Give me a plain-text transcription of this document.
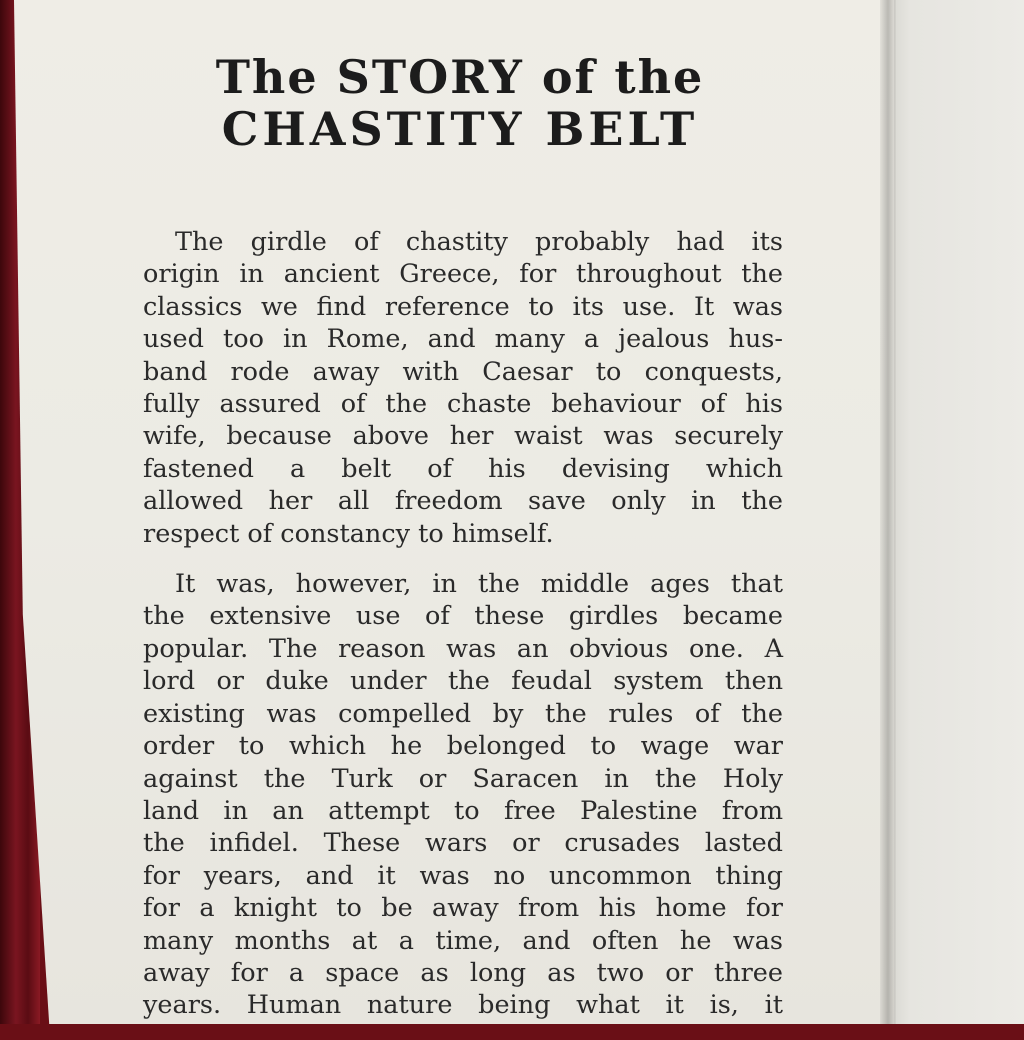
The STORY of the
CHASTITY BELT
The girdle of chastity probably had its
origin in ancient Greece, for throughout the
classics we find reference to its use. It was
used too in Rome, and many a jealous hus-
band rode away with Caesar to conquests,
fully assured of the chaste behaviour of his
wife, because above her waist was securely
fastened a belt of his devising which
allowed her all freedom save only in the
respect of constancy to himself.
It was, however, in the middle ages that
the extensive use of these girdles became
popular. The reason was an obvious one. A
lord or duke under the feudal system then
existing was compelled by the rules of the
order to which he belonged to wage war
against the Turk or Saracen in the Holy
land in an attempt to free Palestine from
the infidel. These wars or crusades lasted
for years, and it was no uncommon thing
for a knight to be away from his home for
many months at a time, and often he was
away for a space as long as two or three
years. Human nature being what it is, it
